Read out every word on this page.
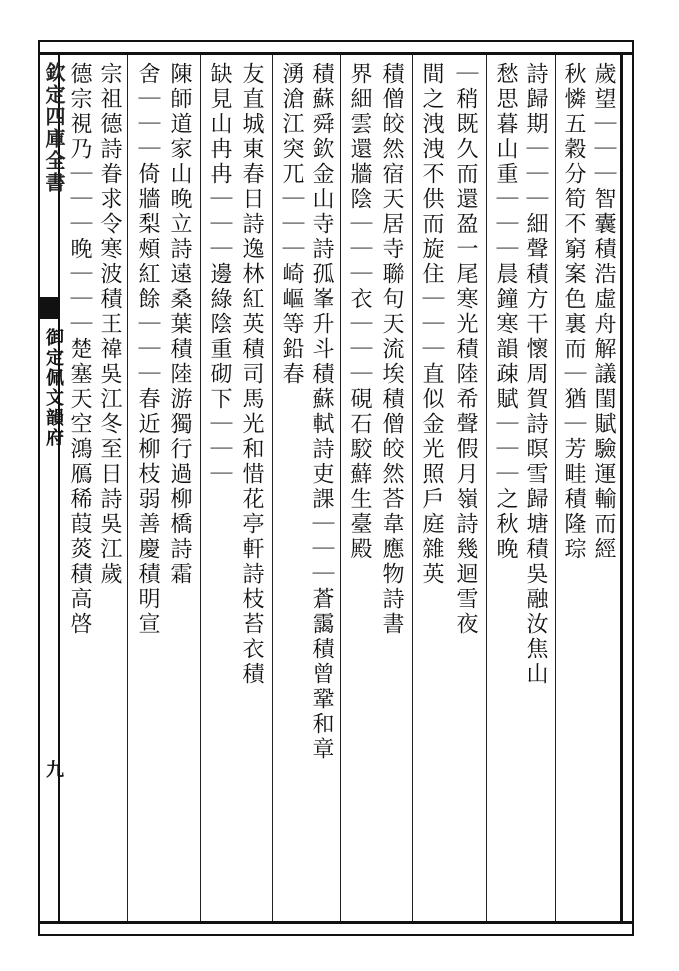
欽定四庫全書
御定佩文韻府
九
歲望｜｜｜智囊積浩虛舟解議閨賦驗運輸而經
秋憐五穀分筍不窮案色裏而｜猶｜芳畦積隆琮
詩歸期｜｜｜細聲積方干懷周賀詩暝雪歸塘積吳融汝焦山
愁思暮山重｜｜｜晨鐘寒韻疎賦｜｜｜之秋晚
｜稍既久而還盈一尾寒光積陸希聲假月嶺詩幾迴雪夜
間之洩洩不供而旋住｜｜｜直似金光照戶庭雜英
積僧皎然宿天居寺聯句天流埃積僧皎然荅韋應物詩書
界細雲還牆陰｜｜｜衣｜｜｜硯石駮蘚生臺殿
積蘇舜欽金山寺詩孤峯升斗積蘇軾詩吏課｜｜｜蒼靄積曾鞏和章
湧滄江突兀｜｜｜崎嶇等鉛春
友直城東春日詩逸林紅英積司馬光和惜花亭軒詩枝苔衣積
缺見山冉冉｜｜｜邊綠陰重砌下｜｜｜
陳師道家山晚立詩遠桑葉積陸游獨行過柳橋詩霜
舍｜｜｜倚牆梨頰紅餘｜｜｜春近柳枝弱善慶積明宣
宗祖德詩眷求令寒波積王禕吳江冬至日詩吳江歲
德宗視乃｜｜｜晚｜｜｜楚塞天空鴻鴈稀葭菼積高啓
